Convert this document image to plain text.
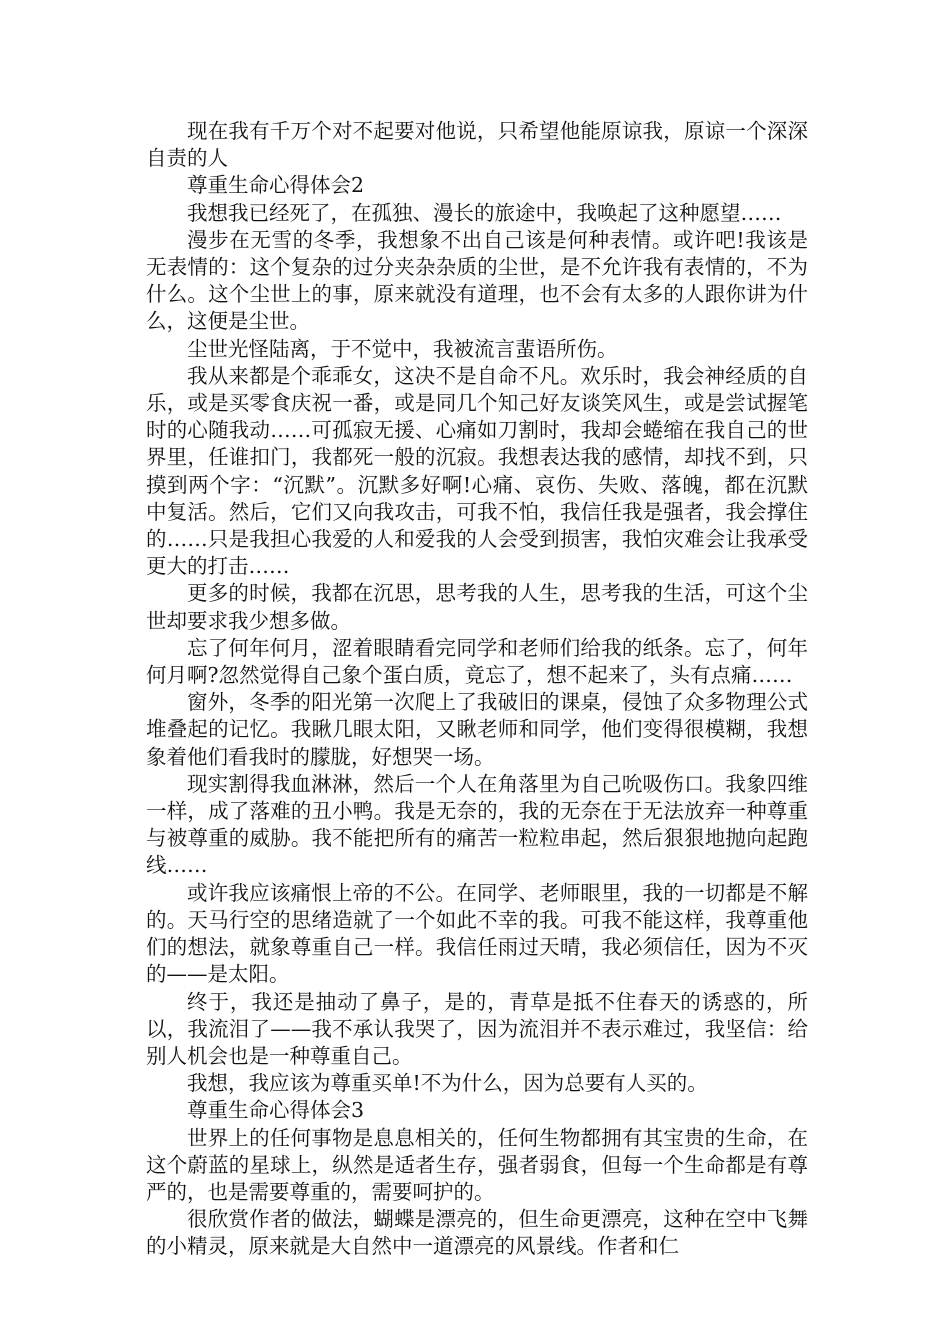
现在我有千万个对不起要对他说，只希望他能原谅我，原谅一个深深自责的人

尊重生命心得体会2

我想我已经死了，在孤独、漫长的旅途中，我唤起了这种愿望……

漫步在无雪的冬季，我想象不出自己该是何种表情。或许吧!我该是无表情的：这个复杂的过分夹杂杂质的尘世，是不允许我有表情的，不为什么。这个尘世上的事，原来就没有道理，也不会有太多的人跟你讲为什么，这便是尘世。

尘世光怪陆离，于不觉中，我被流言蜚语所伤。

我从来都是个乖乖女，这决不是自命不凡。欢乐时，我会神经质的自乐，或是买零食庆祝一番，或是同几个知己好友谈笑风生，或是尝试握笔时的心随我动……可孤寂无援、心痛如刀割时，我却会蜷缩在我自己的世界里，任谁扣门，我都死一般的沉寂。我想表达我的感情，却找不到，只摸到两个字：“沉默”。沉默多好啊!心痛、哀伤、失败、落魄，都在沉默中复活。然后，它们又向我攻击，可我不怕，我信任我是强者，我会撑住的……只是我担心我爱的人和爱我的人会受到损害，我怕灾难会让我承受更大的打击……

更多的时候，我都在沉思，思考我的人生，思考我的生活，可这个尘世却要求我少想多做。

忘了何年何月，涩着眼睛看完同学和老师们给我的纸条。忘了，何年何月啊?忽然觉得自己象个蛋白质，竟忘了，想不起来了，头有点痛……

窗外，冬季的阳光第一次爬上了我破旧的课桌，侵蚀了众多物理公式堆叠起的记忆。我瞅几眼太阳，又瞅老师和同学，他们变得很模糊，我想象着他们看我时的朦胧，好想哭一场。

现实割得我血淋淋，然后一个人在角落里为自己吮吸伤口。我象四维一样，成了落难的丑小鸭。我是无奈的，我的无奈在于无法放弃一种尊重与被尊重的威胁。我不能把所有的痛苦一粒粒串起，然后狠狠地抛向起跑线……

或许我应该痛恨上帝的不公。在同学、老师眼里，我的一切都是不解的。天马行空的思绪造就了一个如此不幸的我。可我不能这样，我尊重他们的想法，就象尊重自己一样。我信任雨过天晴，我必须信任，因为不灭的——是太阳。

终于，我还是抽动了鼻子，是的，青草是抵不住春天的诱惑的，所以，我流泪了——我不承认我哭了，因为流泪并不表示难过，我坚信：给别人机会也是一种尊重自己。

我想，我应该为尊重买单!不为什么，因为总要有人买的。

尊重生命心得体会3

世界上的任何事物是息息相关的，任何生物都拥有其宝贵的生命，在这个蔚蓝的星球上，纵然是适者生存，强者弱食，但每一个生命都是有尊严的，也是需要尊重的，需要呵护的。

很欣赏作者的做法，蝴蝶是漂亮的，但生命更漂亮，这种在空中飞舞的小精灵，原来就是大自然中一道漂亮的风景线。作者和仁
